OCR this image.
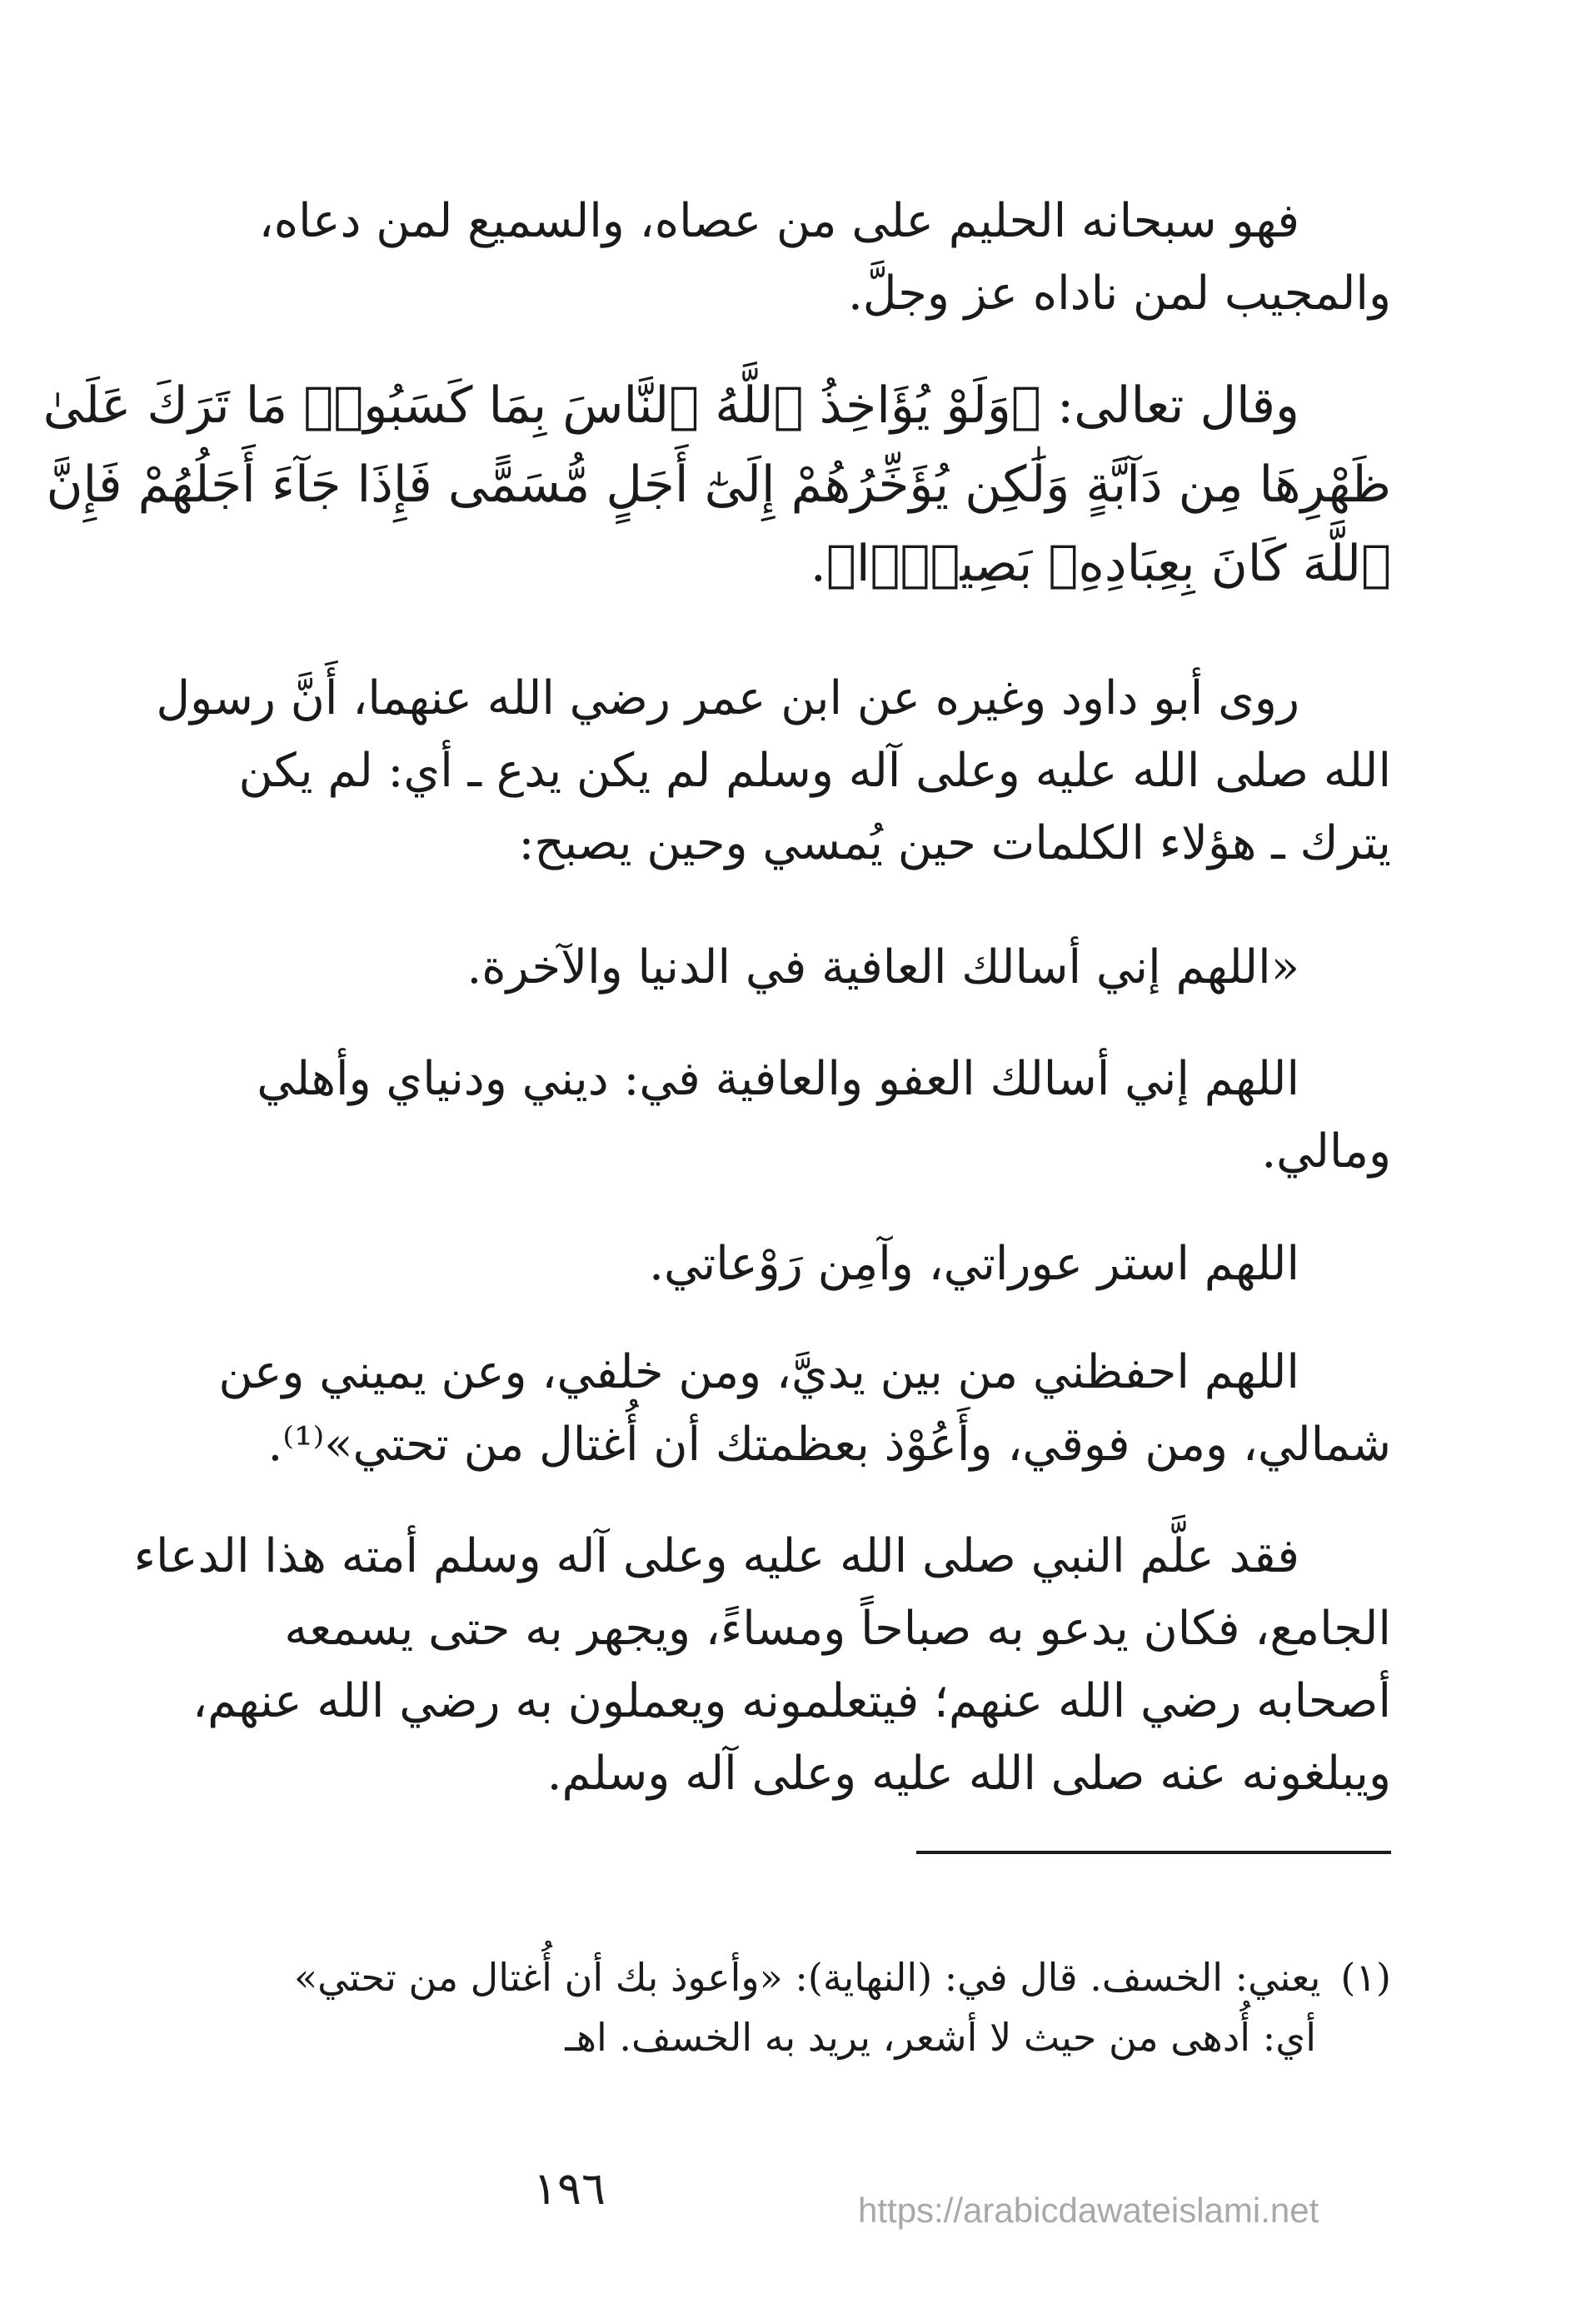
فهو سبحانه الحليم على من عصاه، والسميع لمن دعاه،
والمجيب لمن ناداه عز وجلَّ.

وقال تعالى: ﴿وَلَوْ يُؤَاخِذُ ٱللَّهُ ٱلنَّاسَ بِمَا كَسَبُوا۟ مَا تَرَكَ عَلَىٰ
ظَهْرِهَا مِن دَآبَّةٍ وَلَٰكِن يُؤَخِّرُهُمْ إِلَىٰٓ أَجَلٍ مُّسَمًّى فَإِذَا جَآءَ أَجَلُهُمْ فَإِنَّ
ٱللَّهَ كَانَ بِعِبَادِهِۦ بَصِيرًۢا﴾.

روى أبو داود وغيره عن ابن عمر رضي الله عنهما، أَنَّ رسول
الله صلى الله عليه وعلى آله وسلم لم يكن يدع ـ أي: لم يكن
يترك ـ هؤلاء الكلمات حين يُمسي وحين يصبح:

«اللهم إني أسالك العافية في الدنيا والآخرة.

اللهم إني أسالك العفو والعافية في: ديني ودنياي وأهلي
ومالي.

اللهم استر عوراتي، وآمِن رَوْعاتي.

اللهم احفظني من بين يديَّ، ومن خلفي، وعن يميني وعن
شمالي، ومن فوقي، وأَعُوْذ بعظمتك أن أُغتال من تحتي»⁽¹⁾.

فقد علَّم النبي صلى الله عليه وعلى آله وسلم أمته هذا الدعاء
الجامع، فكان يدعو به صباحاً ومساءً، ويجهر به حتى يسمعه
أصحابه رضي الله عنهم؛ فيتعلمونه ويعملون به رضي الله عنهم،
ويبلغونه عنه صلى الله عليه وعلى آله وسلم.

(١)يعني: الخسف. قال في: (النهاية): «وأعوذ بك أن أُغتال من تحتي»
أي: أُدهى من حيث لا أشعر، يريد به الخسف. اهـ
١٩٦	https://arabicdawateislami.net
